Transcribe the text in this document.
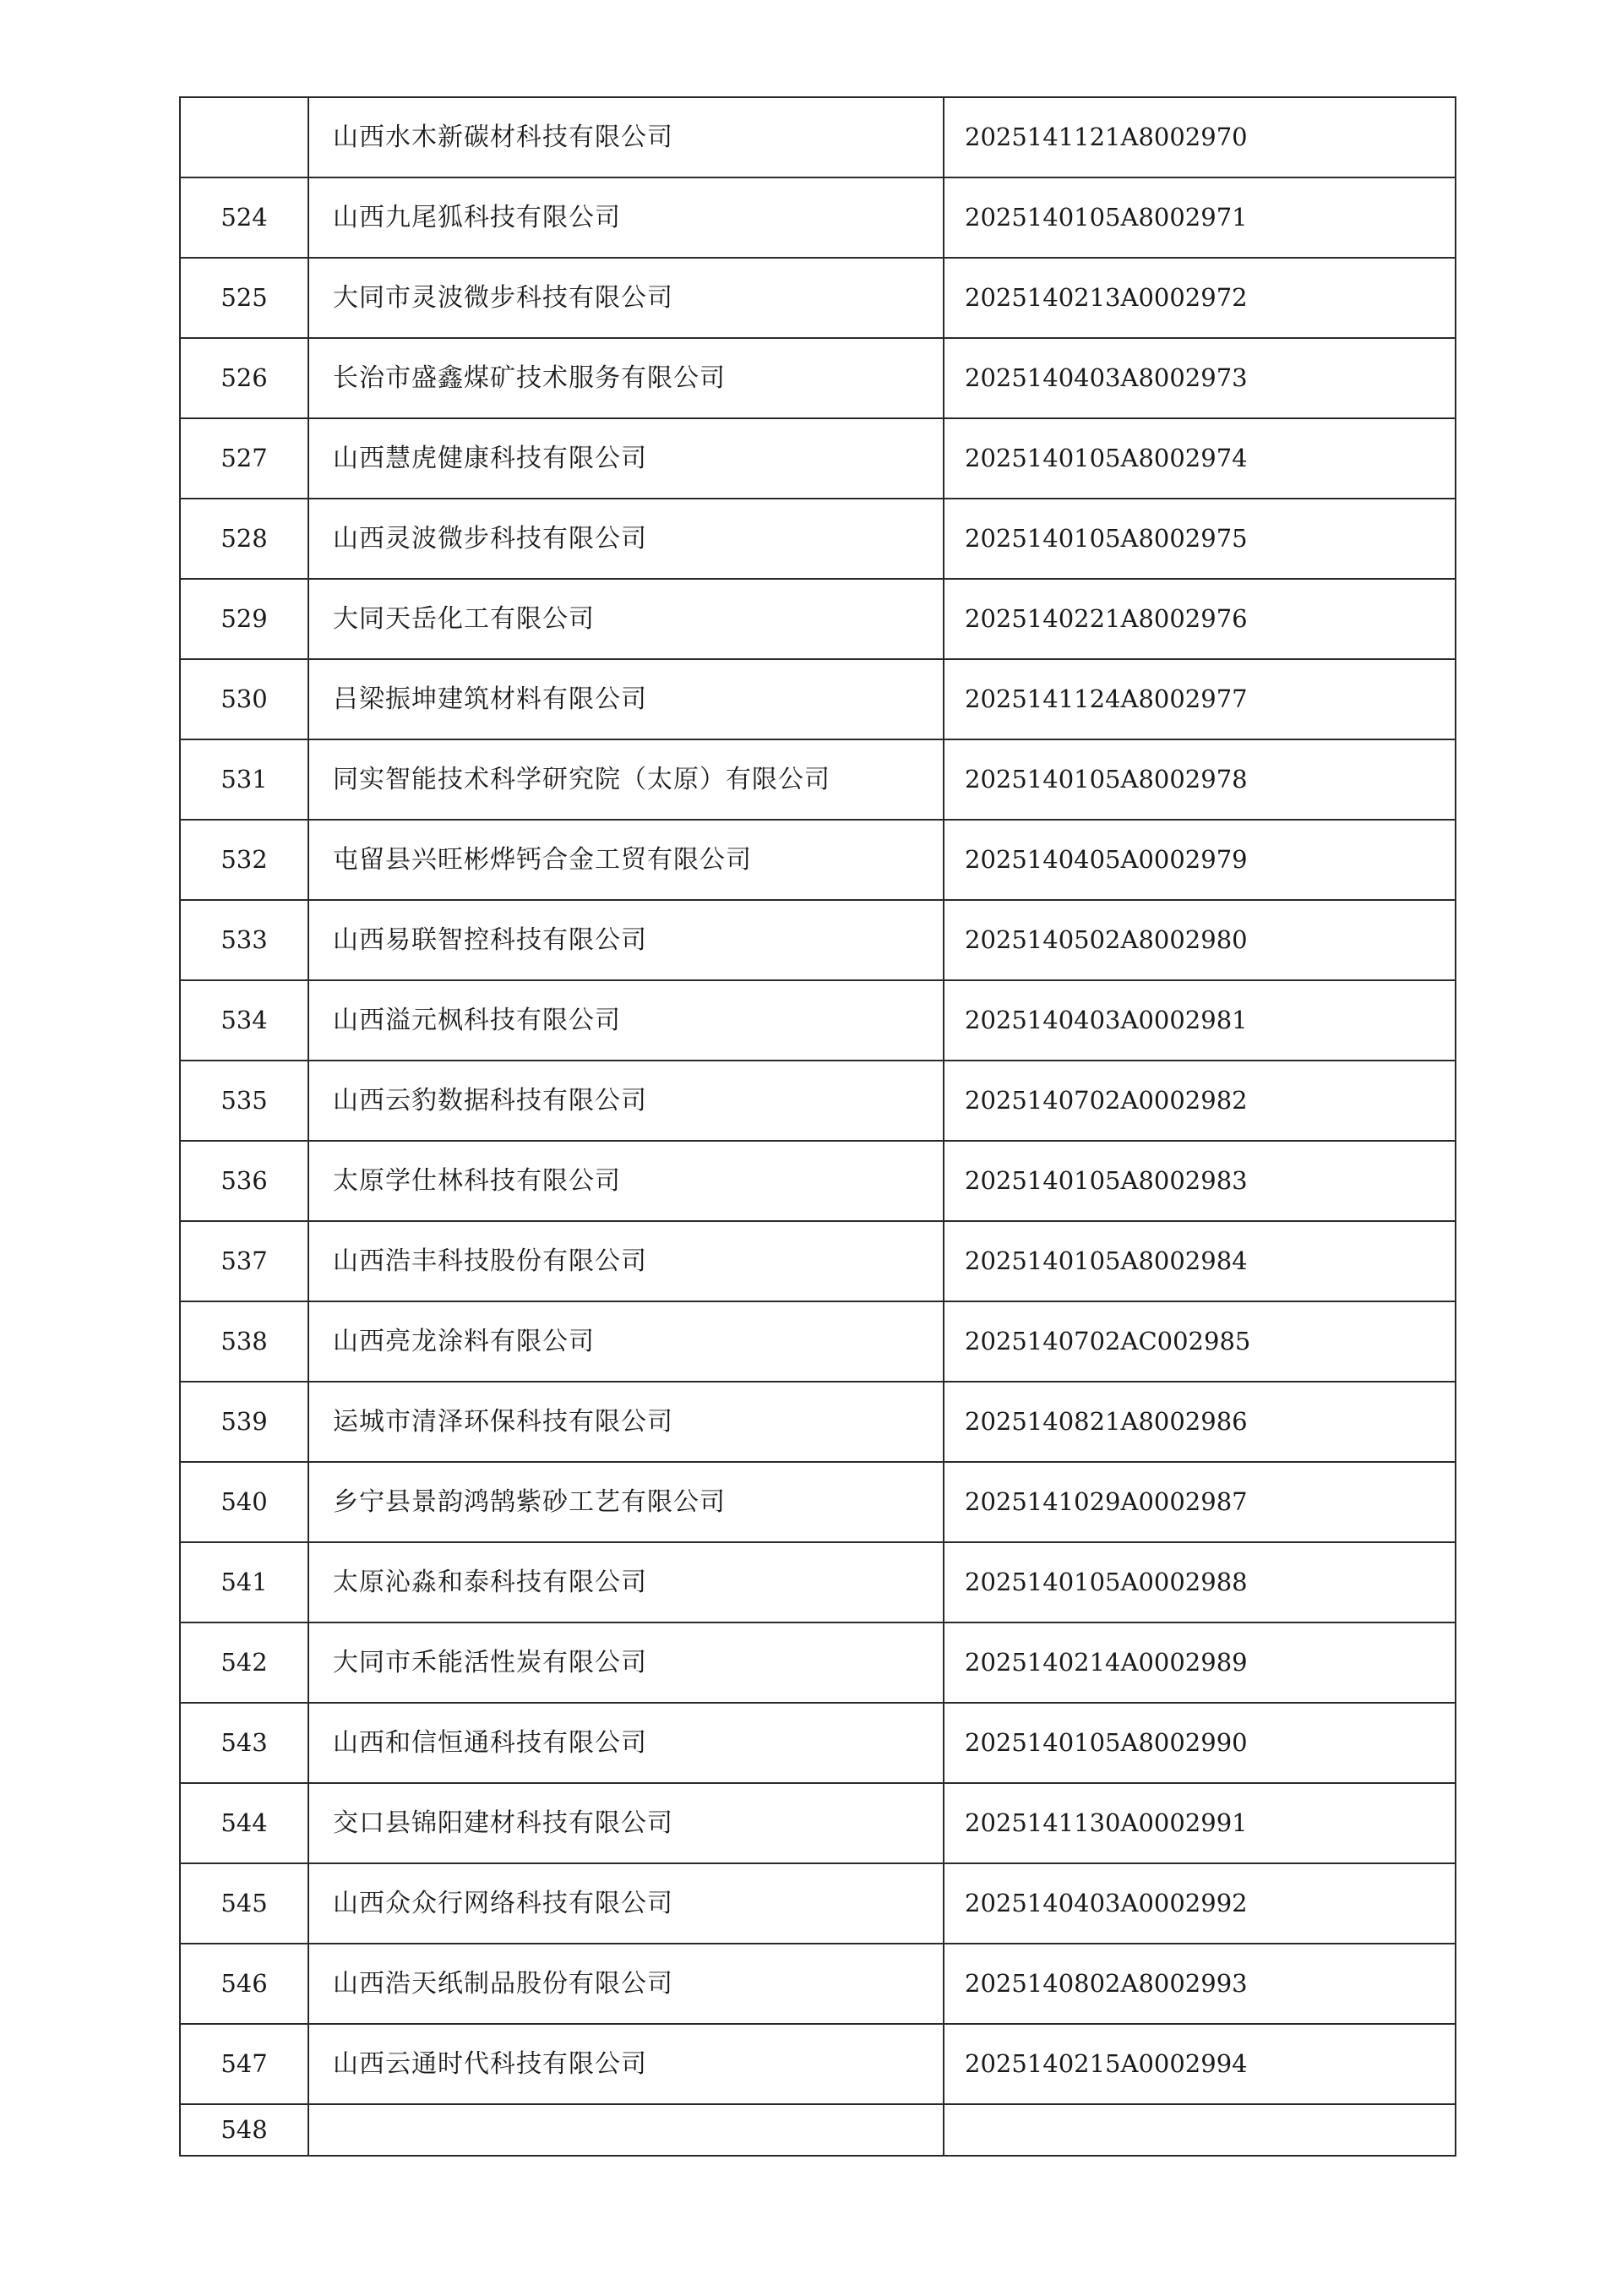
	山西水木新碳材科技有限公司	2025141121A8002970
524	山西九尾狐科技有限公司	2025140105A8002971
525	大同市灵波微步科技有限公司	2025140213A0002972
526	长治市盛鑫煤矿技术服务有限公司	2025140403A8002973
527	山西慧虎健康科技有限公司	2025140105A8002974
528	山西灵波微步科技有限公司	2025140105A8002975
529	大同天岳化工有限公司	2025140221A8002976
530	吕梁振坤建筑材料有限公司	2025141124A8002977
531	同实智能技术科学研究院（太原）有限公司	2025140105A8002978
532	屯留县兴旺彬烨钙合金工贸有限公司	2025140405A0002979
533	山西易联智控科技有限公司	2025140502A8002980
534	山西溢元枫科技有限公司	2025140403A0002981
535	山西云豹数据科技有限公司	2025140702A0002982
536	太原学仕林科技有限公司	2025140105A8002983
537	山西浩丰科技股份有限公司	2025140105A8002984
538	山西亮龙涂料有限公司	2025140702AC002985
539	运城市清泽环保科技有限公司	2025140821A8002986
540	乡宁县景韵鸿鹄紫砂工艺有限公司	2025141029A0002987
541	太原沁淼和泰科技有限公司	2025140105A0002988
542	大同市禾能活性炭有限公司	2025140214A0002989
543	山西和信恒通科技有限公司	2025140105A8002990
544	交口县锦阳建材科技有限公司	2025141130A0002991
545	山西众众行网络科技有限公司	2025140403A0002992
546	山西浩天纸制品股份有限公司	2025140802A8002993
547	山西云通时代科技有限公司	2025140215A0002994
548		
